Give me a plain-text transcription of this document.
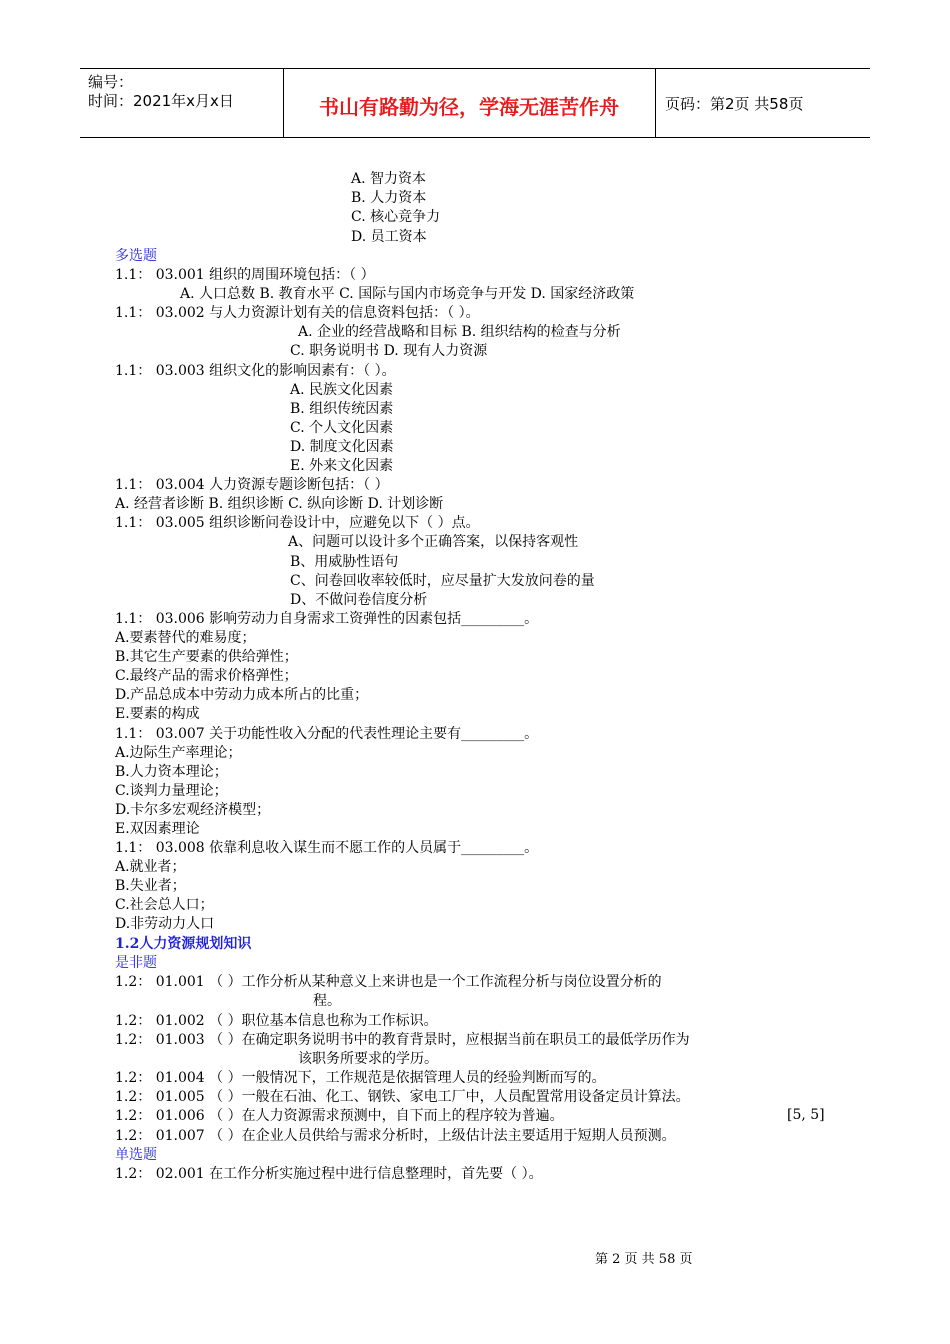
编号：
时间：2021年x月x日	书山有路勤为径，学海无涯苦作舟	页码：第2页 共58页
A. 智力资本
B. 人力资本
C. 核心竞争力
D. 员工资本
多选题
1.1： 03.001 组织的周围环境包括：（ ）
A. 人口总数 B. 教育水平 C. 国际与国内市场竞争与开发 D. 国家经济政策
1.1： 03.002 与人力资源计划有关的信息资料包括：（ ）。
A. 企业的经营战略和目标 B. 组织结构的检查与分析
C. 职务说明书 D. 现有人力资源
1.1： 03.003 组织文化的影响因素有：（ ）。
A. 民族文化因素
B. 组织传统因素
C. 个人文化因素
D. 制度文化因素
E. 外来文化因素
1.1： 03.004 人力资源专题诊断包括：（ ）
A. 经营者诊断 B. 组织诊断 C. 纵向诊断 D. 计划诊断
1.1： 03.005 组织诊断问卷设计中，应避免以下（ ）点。
A、问题可以设计多个正确答案，以保持客观性
B、用威胁性语句
C、问卷回收率较低时，应尽量扩大发放问卷的量
D、不做问卷信度分析
1.1： 03.006 影响劳动力自身需求工资弹性的因素包括_________。
A.要素替代的难易度；
B.其它生产要素的供给弹性；
C.最终产品的需求价格弹性；
D.产品总成本中劳动力成本所占的比重；
E.要素的构成
1.1： 03.007 关于功能性收入分配的代表性理论主要有_________。
A.边际生产率理论；
B.人力资本理论；
C.谈判力量理论；
D.卡尔多宏观经济模型；
E.双因素理论
1.1： 03.008 依靠利息收入谋生而不愿工作的人员属于_________。
A.就业者；
B.失业者；
C.社会总人口；
D.非劳动力人口
1.2人力资源规划知识
是非题
1.2： 01.001 （ ）工作分析从某种意义上来讲也是一个工作流程分析与岗位设置分析的
程。
1.2： 01.002 （ ）职位基本信息也称为工作标识。
1.2： 01.003 （ ）在确定职务说明书中的教育背景时，应根据当前在职员工的最低学历作为
该职务所要求的学历。
1.2： 01.004 （ ）一般情况下，工作规范是依据管理人员的经验判断而写的。
1.2： 01.005 （ ）一般在石油、化工、钢铁、家电工厂中，人员配置常用设备定员计算法。
1.2： 01.006 （ ）在人力资源需求预测中，自下而上的程序较为普遍。
1.2： 01.007 （ ）在企业人员供给与需求分析时，上级估计法主要适用于短期人员预测。
单选题
1.2： 02.001 在工作分析实施过程中进行信息整理时，首先要（ ）。
[5, 5]
第 2 页 共 58 页
